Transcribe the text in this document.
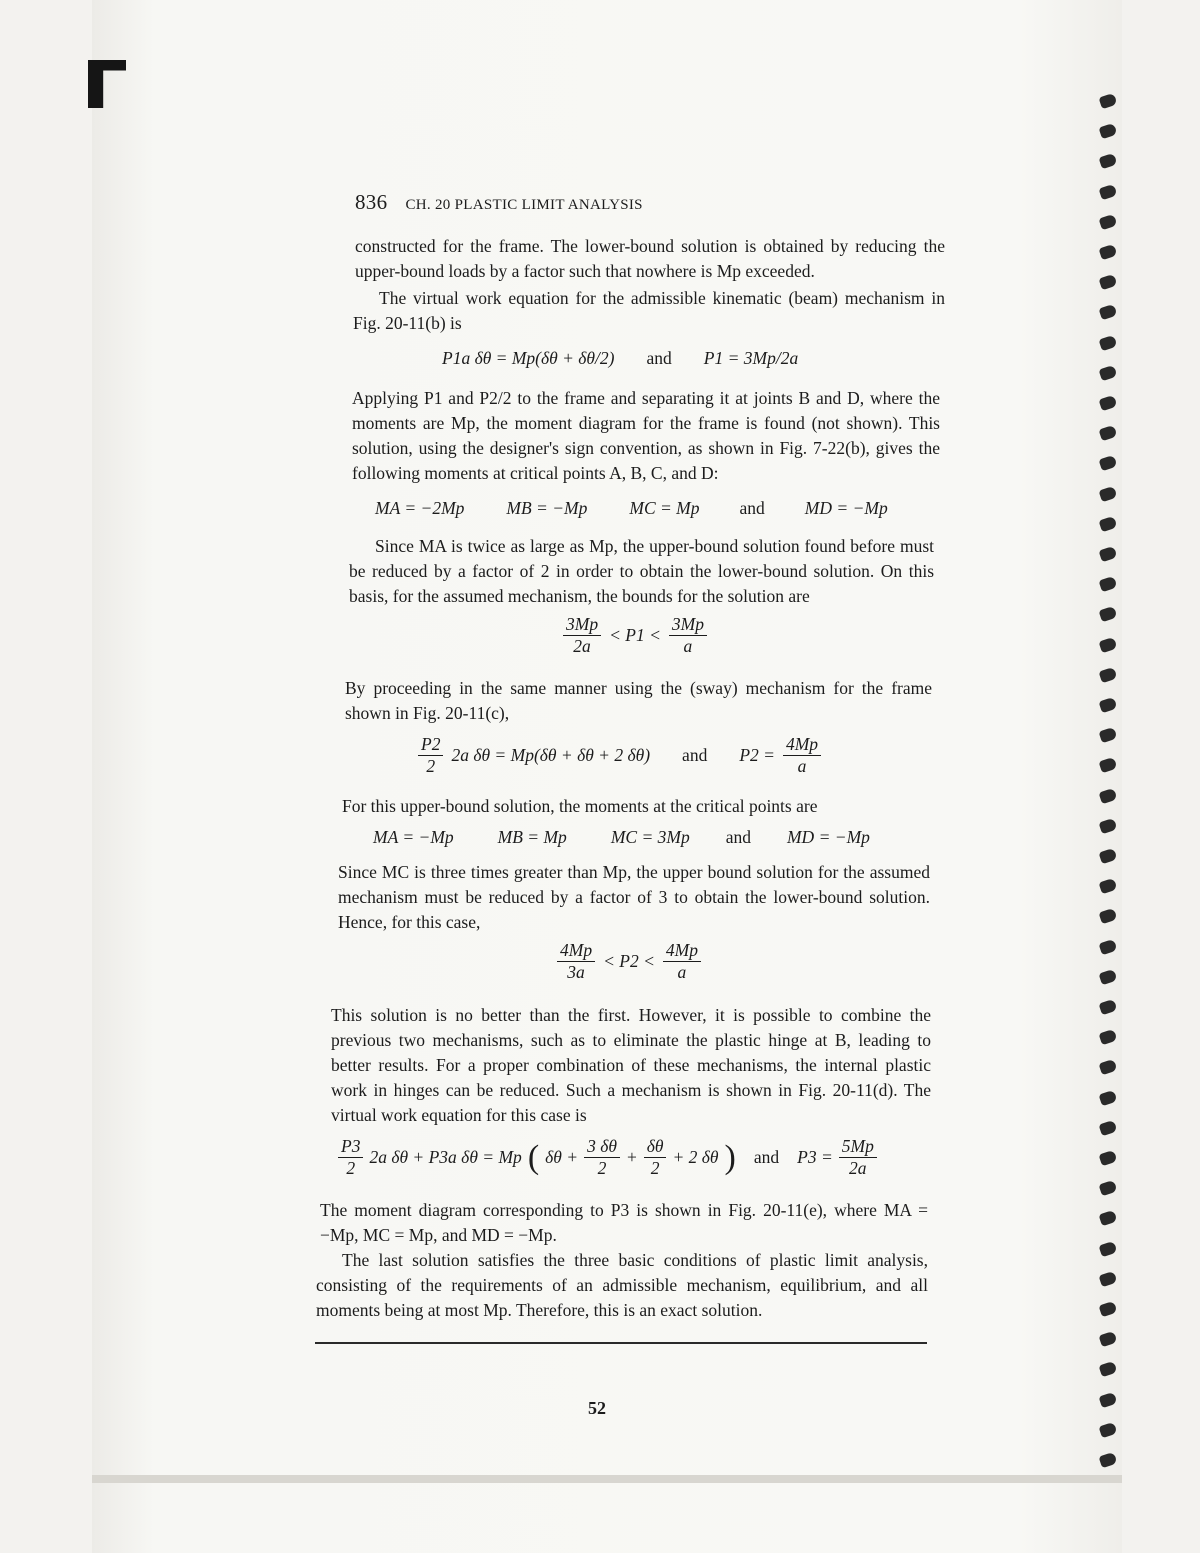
836 CH. 20 PLASTIC LIMIT ANALYSIS
constructed for the frame. The lower-bound solution is obtained by reducing the upper-bound loads by a factor such that nowhere is Mp exceeded.
The virtual work equation for the admissible kinematic (beam) mechanism in Fig. 20-11(b) is
P1a δθ = Mp(δθ + δθ/2) and P1 = 3Mp/2a
Applying P1 and P2/2 to the frame and separating it at joints B and D, where the moments are Mp, the moment diagram for the frame is found (not shown). This solution, using the designer's sign convention, as shown in Fig. 7-22(b), gives the following moments at critical points A, B, C, and D:
MA = −2Mp MB = −Mp MC = Mp and MD = −Mp
Since MA is twice as large as Mp, the upper-bound solution found before must be reduced by a factor of 2 in order to obtain the lower-bound solution. On this basis, for the assumed mechanism, the bounds for the solution are
$\frac{3Mp}{2a} < P1 < \frac{3Mp}{a}$
By proceeding in the same manner using the (sway) mechanism for the frame shown in Fig. 20-11(c),
$\frac{P2}{2} 2a$ δθ = Mp(δθ + δθ + 2 δθ) and $P2 = \frac{4Mp}{a}$
For this upper-bound solution, the moments at the critical points are
MA = −Mp	MB = Mp	MC = 3Mp and MD = −Mp
Since MC is three times greater than Mp, the upper bound solution for the assumed mechanism must be reduced by a factor of 3 to obtain the lower-bound solution. Hence, for this case,
$\frac{4Mp}{3a} < P2 < \frac{4Mp}{a}$
This solution is no better than the first. However, it is possible to combine the previous two mechanisms, such as to eliminate the plastic hinge at B, leading to better results. For a proper combination of these mechanisms, the internal plastic work in hinges can be reduced. Such a mechanism is shown in Fig. 20-11(d). The virtual work equation for this case is
$\frac{P3}{2} 2a$ δθ + P3a δθ = Mp ( $\delta\theta + \frac{3 \delta\theta}{2} + \frac{\delta\theta}{2} + 2$ δθ ) and $P3 = \frac{5Mp}{2a}$
The moment diagram corresponding to P3 is shown in Fig. 20-11(e), where MA = −Mp, MC = Mp, and MD = −Mp.
The last solution satisfies the three basic conditions of plastic limit analysis, consisting of the requirements of an admissible mechanism, equilibrium, and all moments being at most Mp. Therefore, this is an exact solution.
52
